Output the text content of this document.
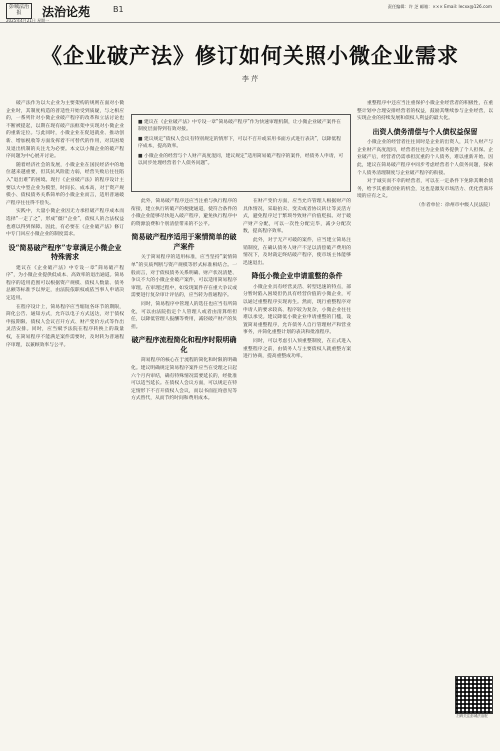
彭城法治报
2025年4月21日 星期一
法治论苑	B1	责任编辑：许 芝 邮箱：××× Email: lecxx@126.com
《企业破产法》修订如何关照小微企业需求
李 芹

破产法作为以大企业为主要架构的规则在面对小微企业时，其制度构造的普适性开始受到质疑，与之相应的，一系列针对小微企业破产程序的改革和立法讨论也不断被提起，以期在现有破产法框架中实现对小微企业的重新定位。与此同时，小微企业在促进就业、推动创新、增加税收等方面发挥着不可替代的作用，对其困境及退出机制的关注尤为必要。本文以小微企业的破产程序问题为中心展开讨论。

随着经济社会的发展，小微企业在国民经济中的地位越来越重要，但其抗风险能力弱，经营失败后往往陷入“退出难”的困境。现行《企业破产法》的程序设计主要以大中型企业为模型，时间长、成本高，对于资产规模小、债权债务关系简单的小微企业而言，适用普通破产程序往往得不偿失。

实践中，大量小微企业因无力承担破产程序成本而选择“一走了之”，形成“僵尸企业”，债权人的合法权益也难以得到保障。因此，有必要在《企业破产法》修订中专门回应小微企业的制度需求。

设“简易破产程序”专章满足小微企业特殊需求

建议在《企业破产法》中专设一章“简易破产程序”，为小微企业提供低成本、高效率的退出通道。简易程序的适用范围可以根据资产规模、债权人数量、债务总额等标准予以界定，由法院依职权或依当事人申请决定适用。

在程序设计上，简易程序应当缩短各环节的期限，简化公告、通知方式，允许以电子方式送达，对于债权申报期限、债权人会议召开方式、财产变价方式等作出灵活安排。同时，应当赋予法院在程序转换上的裁量权，在简易程序不能满足案件需要时，及时转为普通程序审理，以兼顾效率与公平。

■ 建议在《企业破产法》中专设一章“简易破产程序”作为快速审理机制，让小微企业破产案件在制度层面得到有效对接。
■ 建议规定“债权人会议有特别规定的情形下，可以不召开或采用书面方式进行表决”，以降低程序成本，提高效率。
■ 小微企业的经营与个人财产高度混同，建议规定“适用简易破产程序的案件，经债务人申请，可以同步处理经营者个人债务问题”。

此外，简易破产程序还应当注重与执行程序的衔接，建立执行转破产的便捷通道，使符合条件的小微企业能够尽快进入破产程序，避免执行程序中的资源浪费和个别清偿带来的不公平。

简易破产程序适用于案情简单的破产案件

关于简易程序的适用标准，应当坚持“案情简单”的实质判断与资产规模等形式标准相结合。一般而言，对于债权债务关系明确、财产状况清楚、争议不大的小微企业破产案件，可以适用简易程序审理。在审理过程中，如发现案件存在重大争议或需要进行复杂审计评估的，应当转为普通程序。

同时，简易程序中管理人的选任也应当有所简化，可以由法院指定个人管理人或者由清算组担任，以降低管理人报酬等费用，减轻破产财产的负担。

破产程序流程简化和程序时限明确化

简易程序的核心在于流程的简化和时限的明确化。建议明确规定简易程序案件应当在受理之日起六个月内审结，确有特殊情况需要延长的，经批准可以适当延长。在债权人会议方面，可以规定在特定情形下不召开债权人会议，而以书面征询意见等方式替代，从而节约时间和费用成本。

在财产变价方面，应当允许管理人根据财产的具体情况，采取拍卖、变卖或者协议转让等灵活方式，避免程序过于繁琐导致财产价值贬损。对于破产财产分配，可以一次性分配完毕，减少分配次数，提高程序效率。

此外，对于无产可破的案件，应当建立简易注销制度，在确认债务人财产不足以清偿破产费用的情况下，及时裁定终结破产程序，使市场主体能够迅速退出。

降低小微企业申请重整的条件

小微企业具有经营灵活、转型迅速的特点，部分暂时陷入困境但仍具有经营价值的小微企业，可以通过重整程序实现再生。然而，现行重整程序对申请人的要求较高、程序较为复杂，小微企业往往难以承受。建议降低小微企业申请重整的门槛，设置简易重整程序，允许债务人自行管理财产和营业事务，并简化重整计划的表决和批准程序。

同时，可以考虑引入预重整制度，在正式进入重整程序之前，由债务人与主要债权人就重整方案进行协商，提高重整成功率。

重整程序中还应当注重保护小微企业经营者的积极性，在重整计划中合理安排经营者的权益，鼓励其继续参与企业经营，以实现企业的持续发展和债权人利益的最大化。

出资人债务清偿与个人债权益保留

小微企业的经营者往往同时是企业的出资人，其个人财产与企业财产高度混同，经营者往往为企业债务提供了个人担保。企业破产后，经营者仍需承担沉重的个人债务，难以重新开始。因此，建议在简易破产程序中同步考虑经营者个人债务问题，探索个人债务清理制度与企业破产程序的衔接。

对于诚实而不幸的经营者，可以在一定条件下免除其剩余债务，给予其重新创业的机会，这也是激发市场活力、优化营商环境的应有之义。

（作者单位：徐州市中级人民法院）

扫码关注彭城法治报
